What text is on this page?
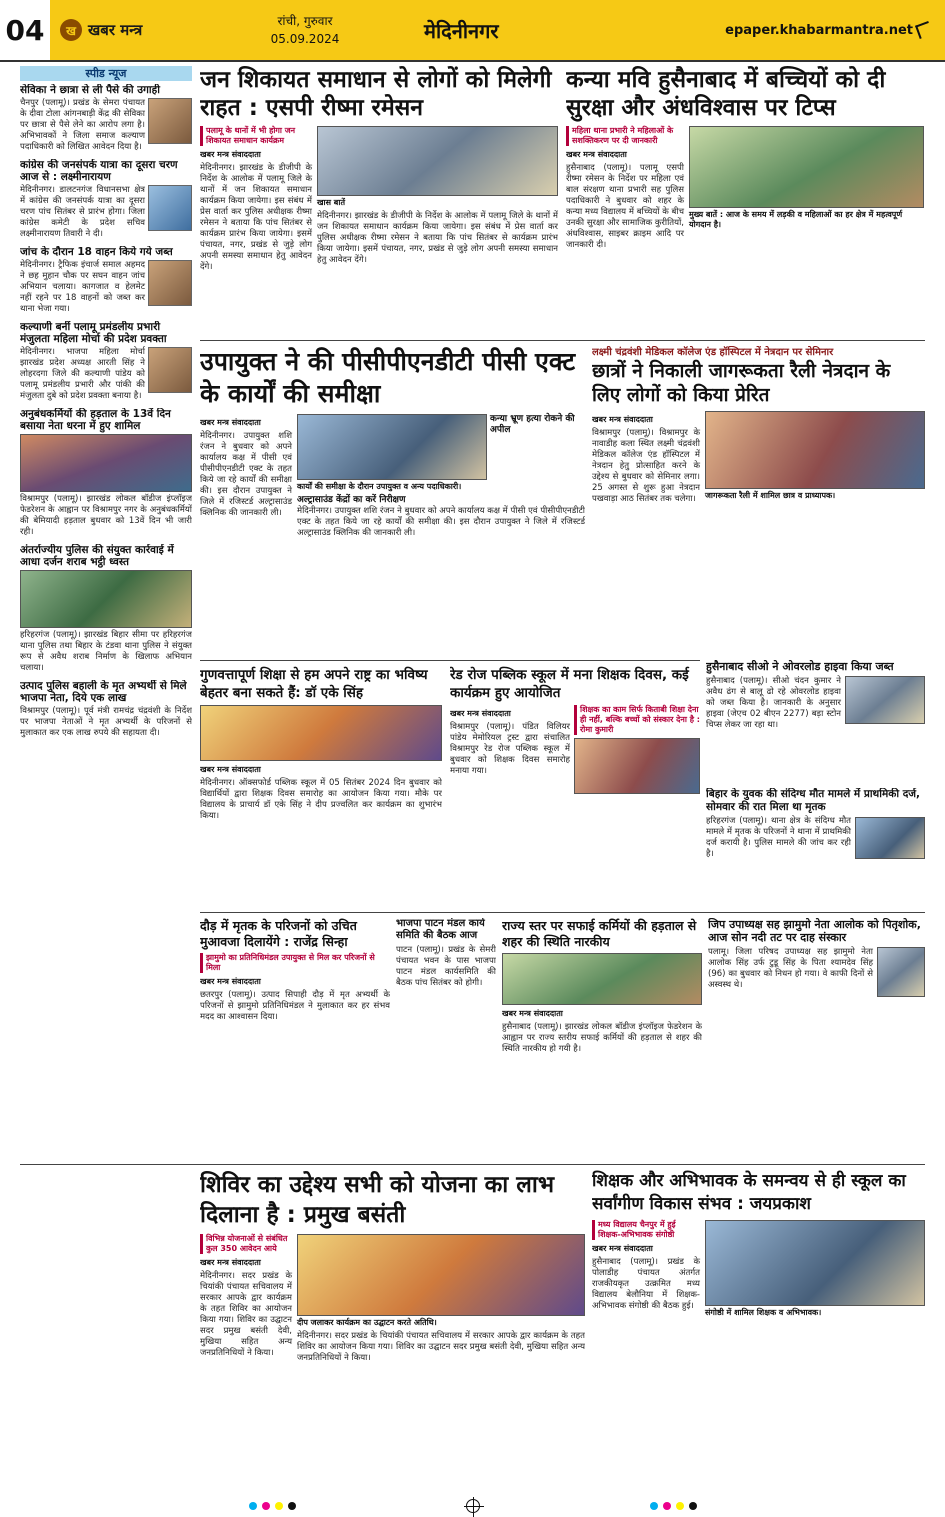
04	ख खबर मन्त्र	रांची, गुरुवार
05.09.2024	मेदिनीनगर	epaper.khabarmantra.net
स्पीड न्यूज
सेविका ने छात्रा से ली पैसे की उगाही

चैनपुर (पलामू)। प्रखंड के सेमरा पंचायत के दीवा टोला आंगनबाड़ी केंद्र की सेविका पर छात्रा से पैसे लेने का आरोप लगा है। अभिभावकों ने जिला समाज कल्याण पदाधिकारी को लिखित आवेदन दिया है।

कांग्रेस की जनसंपर्क यात्रा का दूसरा चरण आज से : लक्ष्मीनारायण

मेदिनीनगर। डालटनगंज विधानसभा क्षेत्र में कांग्रेस की जनसंपर्क यात्रा का दूसरा चरण पांच सितंबर से प्रारंभ होगा। जिला कांग्रेस कमेटी के प्रदेश सचिव लक्ष्मीनारायण तिवारी ने दी।

जांच के दौरान 18 वाहन किये गये जब्त

मेदिनीनगर। ट्रैफिक इंचार्ज समाल अहमद ने छह मुहान चौक पर सघन वाहन जांच अभियान चलाया। कागजात व हेलमेट नहीं रहने पर 18 वाहनों को जब्त कर थाना भेजा गया।

कल्याणी बनीं पलामू प्रमंडलीय प्रभारी मंजुलता महिला मोर्चा की प्रदेश प्रवक्ता

मेदिनीनगर। भाजपा महिला मोर्चा झारखंड प्रदेश अध्यक्ष आरती सिंह ने लोहरदगा जिले की कल्याणी पांडेय को पलामू प्रमंडलीय प्रभारी और पांकी की मंजुलता दुबे को प्रदेश प्रवक्ता बनाया है।

अनुबंधकर्मियों की हड़ताल के 13वें दिन बसाया नेता धरना में हुए शामिल

विश्रामपुर (पलामू)। झारखंड लोकल बॉडीज इंप्लॉइज फेडरेशन के आह्वान पर विश्रामपुर नगर के अनुबंधकर्मियों की बेमियादी हड़ताल बुधवार को 13वें दिन भी जारी रही।

अंतर्राज्यीय पुलिस की संयुक्त कार्रवाई में आधा दर्जन शराब भट्ठी ध्वस्त

हरिहरगंज (पलामू)। झारखंड बिहार सीमा पर हरिहरगंज थाना पुलिस तथा बिहार के टंडवा थाना पुलिस ने संयुक्त रूप से अवैध शराब निर्माण के खिलाफ अभियान चलाया।

उत्पाद पुलिस बहाली के मृत अभ्यर्थी से मिले भाजपा नेता, दिये एक लाख

विश्रामपुर (पलामू)। पूर्व मंत्री रामचंद्र चंद्रवंशी के निर्देश पर भाजपा नेताओं ने मृत अभ्यर्थी के परिजनों से मुलाकात कर एक लाख रुपये की सहायता दी।

जन शिकायत समाधान से लोगों को मिलेगी राहत : एसपी रीष्मा रमेसन
पलामू के थानों में भी होगा जन शिकायत समाधान कार्यक्रम
खबर मन्त्र संवाददाता

मेदिनीनगर। झारखंड के डीजीपी के निर्देश के आलोक में पलामू जिले के थानों में जन शिकायत समाधान कार्यक्रम किया जायेगा। इस संबंध में प्रेस वार्ता कर पुलिस अधीक्षक रीष्मा रमेसन ने बताया कि पांच सितंबर से कार्यक्रम प्रारंभ किया जायेगा। इसमें पंचायत, नगर, प्रखंड से जुड़े लोग अपनी समस्या समाधान हेतु आवेदन देंगे।

खास बातें

मेदिनीनगर। झारखंड के डीजीपी के निर्देश के आलोक में पलामू जिले के थानों में जन शिकायत समाधान कार्यक्रम किया जायेगा। इस संबंध में प्रेस वार्ता कर पुलिस अधीक्षक रीष्मा रमेसन ने बताया कि पांच सितंबर से कार्यक्रम प्रारंभ किया जायेगा। इसमें पंचायत, नगर, प्रखंड से जुड़े लोग अपनी समस्या समाधान हेतु आवेदन देंगे।

कन्या मवि हुसैनाबाद में बच्चियों को दी सुरक्षा और अंधविश्वास पर टिप्स
महिला थाना प्रभारी ने महिलाओं के सशक्तिकरण पर दी जानकारी
खबर मन्त्र संवाददाता

हुसैनाबाद (पलामू)। पलामू एसपी रीष्मा रमेसन के निर्देश पर महिला एवं बाल संरक्षण थाना प्रभारी सह पुलिस पदाधिकारी ने बुधवार को शहर के कन्या मध्य विद्यालय में बच्चियों के बीच उनकी सुरक्षा और सामाजिक कुरीतियों, अंधविश्वास, साइबर क्राइम आदि पर जानकारी दी।

मुख्य बातें : आज के समय में लड़की व महिलाओं का हर क्षेत्र में महत्वपूर्ण योगदान है।
उपायुक्त ने की पीसीपीएनडीटी पीसी एक्ट के कार्यों की समीक्षा
खबर मन्त्र संवाददाता

मेदिनीनगर। उपायुक्त शशि रंजन ने बुधवार को अपने कार्यालय कक्ष में पीसी एवं पीसीपीएनडीटी एक्ट के तहत किये जा रहे कार्यों की समीक्षा की। इस दौरान उपायुक्त ने जिले में रजिस्टर्ड अल्ट्रासाउंड क्लिनिक की जानकारी ली।

कन्या भ्रूण हत्या रोकने की अपील
कार्यों की समीक्षा के दौरान उपायुक्त व अन्य पदाधिकारी।
अल्ट्रासाउंड केंद्रों का करें निरीक्षण

मेदिनीनगर। उपायुक्त शशि रंजन ने बुधवार को अपने कार्यालय कक्ष में पीसी एवं पीसीपीएनडीटी एक्ट के तहत किये जा रहे कार्यों की समीक्षा की। इस दौरान उपायुक्त ने जिले में रजिस्टर्ड अल्ट्रासाउंड क्लिनिक की जानकारी ली।

लक्ष्मी चंद्रवंशी मेडिकल कॉलेज एंड हॉस्पिटल में नेत्रदान पर सेमिनार
छात्रों ने निकाली जागरूकता रैली नेत्रदान के लिए लोगों को किया प्रेरित
खबर मन्त्र संवाददाता

विश्रामपुर (पलामू)। विश्रामपुर के नावाडीह कला स्थित लक्ष्मी चंद्रवंशी मेडिकल कॉलेज एंड हॉस्पिटल में नेत्रदान हेतु प्रोत्साहित करने के उद्देश्य से बुधवार को सेमिनार लगा। 25 अगस्त से शुरू हुआ नेत्रदान पखवाड़ा आठ सितंबर तक चलेगा।	जागरूकता रैली में शामिल छात्र व प्राध्यापक।
हुसैनाबाद सीओ ने ओवरलोड हाइवा किया जब्त

हुसैनाबाद (पलामू)। सीओ चंदन कुमार ने अवैध ढंग से बालू ढो रहे ओवरलोड हाइवा को जब्त किया है। जानकारी के अनुसार हाइवा (जेएच 02 बीएन 2277) बड़ा स्टोन चिप्स लेकर जा रहा था।

गुणवत्तापूर्ण शिक्षा से हम अपने राष्ट्र का भविष्य बेहतर बना सकते हैं: डॉ एके सिंह
खबर मन्त्र संवाददाता

मेदिनीनगर। ऑक्सफोर्ड पब्लिक स्कूल में 05 सितंबर 2024 दिन बुधवार को विद्यार्थियों द्वारा शिक्षक दिवस समारोह का आयोजन किया गया। मौके पर विद्यालय के प्राचार्य डॉ एके सिंह ने दीप प्रज्वलित कर कार्यक्रम का शुभारंभ किया।

रेड रोज पब्लिक स्कूल में मना शिक्षक दिवस, कई कार्यक्रम हुए आयोजित
खबर मन्त्र संवाददाता

विश्रामपुर (पलामू)। पंडित विलियर पांडेय मेमोरियल ट्रस्ट द्वारा संचालित विश्रामपुर रेड रोज पब्लिक स्कूल में बुधवार को शिक्षक दिवस समारोह मनाया गया।

शिक्षक का काम सिर्फ किताबी शिक्षा देना ही नहीं, बल्कि बच्चों को संस्कार देना है : रोमा कुमारी
बिहार के युवक की संदिग्ध मौत मामले में प्राथमिकी दर्ज, सोमवार की रात मिला था मृतक

हरिहरगंज (पलामू)। थाना क्षेत्र के संदिग्ध मौत मामले में मृतक के परिजनों ने थाना में प्राथमिकी दर्ज करायी है। पुलिस मामले की जांच कर रही है।

दौड़ में मृतक के परिजनों को उचित मुआवजा दिलायेंगे : राजेंद्र सिन्हा
झामुमो का प्रतिनिधिमंडल उपायुक्त से मिल कर परिजनों से मिला
खबर मन्त्र संवाददाता

छतरपुर (पलामू)। उत्पाद सिपाही दौड़ में मृत अभ्यर्थी के परिजनों से झामुमो प्रतिनिधिमंडल ने मुलाकात कर हर संभव मदद का आश्वासन दिया।

भाजपा पाटन मंडल कार्य समिति की बैठक आज

पाटन (पलामू)। प्रखंड के सेमरी पंचायत भवन के पास भाजपा पाटन मंडल कार्यसमिति की बैठक पांच सितंबर को होगी।

राज्य स्तर पर सफाई कर्मियों की हड़ताल से शहर की स्थिति नारकीय
खबर मन्त्र संवाददाता

हुसैनाबाद (पलामू)। झारखंड लोकल बॉडीज इंप्लॉइज फेडरेशन के आह्वान पर राज्य स्तरीय सफाई कर्मियों की हड़ताल से शहर की स्थिति नारकीय हो गयी है।

जिप उपाध्यक्ष सह झामुमो नेता आलोक को पितृशोक, आज सोन नदी तट पर दाह संस्कार

पलामू। जिला परिषद उपाध्यक्ष सह झामुमो नेता आलोक सिंह उर्फ टुडू सिंह के पिता श्यामदेव सिंह (96) का बुधवार को निधन हो गया। वे काफी दिनों से अस्वस्थ थे।

शिविर का उद्देश्य सभी को योजना का लाभ दिलाना है : प्रमुख बसंती
विभिन्न योजनाओं से संबंधित कुल 350 आवेदन आये
खबर मन्त्र संवाददाता

मेदिनीनगर। सदर प्रखंड के चियांकी पंचायत सचिवालय में सरकार आपके द्वार कार्यक्रम के तहत शिविर का आयोजन किया गया। शिविर का उद्घाटन सदर प्रमुख बसंती देवी, मुखिया सहित अन्य जनप्रतिनिधियों ने किया।

दीप जलाकर कार्यक्रम का उद्घाटन करते अतिथि।

मेदिनीनगर। सदर प्रखंड के चियांकी पंचायत सचिवालय में सरकार आपके द्वार कार्यक्रम के तहत शिविर का आयोजन किया गया। शिविर का उद्घाटन सदर प्रमुख बसंती देवी, मुखिया सहित अन्य जनप्रतिनिधियों ने किया।

शिक्षक और अभिभावक के समन्वय से ही स्कूल का सर्वांगीण विकास संभव : जयप्रकाश
मध्य विद्यालय चैनपुर में हुई शिक्षक-अभिभावक संगोष्ठी
खबर मन्त्र संवाददाता

हुसैनाबाद (पलामू)। प्रखंड के पोलाडीह पंचायत अंतर्गत राजकीयकृत उत्क्रमित मध्य विद्यालय बेलौनिया में शिक्षक-अभिभावक संगोष्ठी की बैठक हुई।

संगोष्ठी में शामिल शिक्षक व अभिभावक।
